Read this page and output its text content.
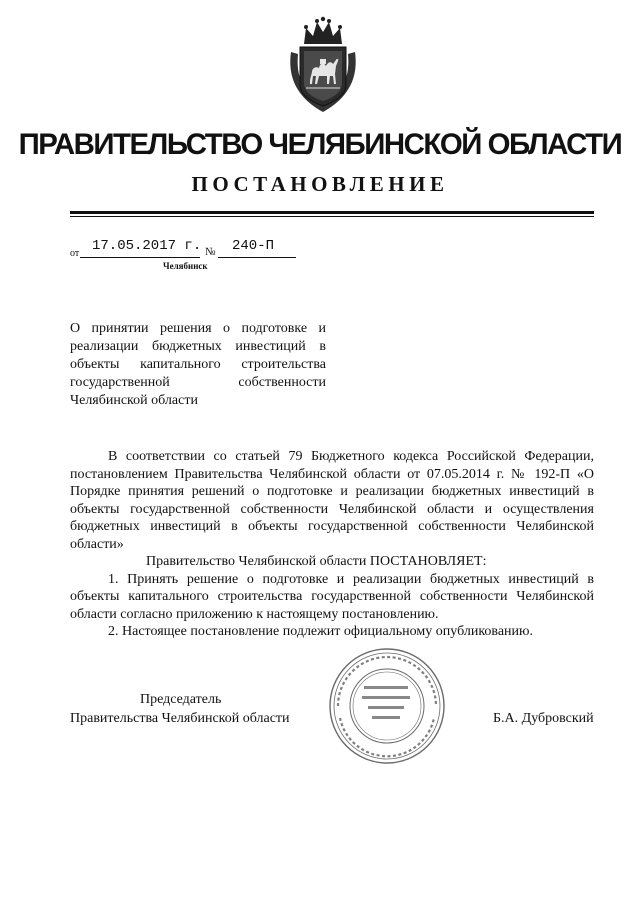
ПРАВИТЕЛЬСТВО ЧЕЛЯБИНСКОЙ ОБЛАСТИ
ПОСТАНОВЛЕНИЕ
от 17.05.2017 г. № 240-П
Челябинск
О принятии решения о подготовке и
реализации бюджетных инвестиций в
объекты капитального строительства
государственной собственности
Челябинской области
В соответствии со статьей 79 Бюджетного кодекса Российской Федерации, постановлением Правительства Челябинской области от 07.05.2014 г. № 192-П «О Порядке принятия решений о подготовке и реализации бюджетных инвестиций в объекты государственной собственности Челябинской области и осуществления бюджетных инвестиций в объекты государственной собственности Челябинской области»
Правительство Челябинской области ПОСТАНОВЛЯЕТ:
1. Принять решение о подготовке и реализации бюджетных инвестиций в объекты капитального строительства государственной собственности Челябинской области согласно приложению к настоящему постановлению.
2. Настоящее постановление подлежит официальному опубликованию.
Председатель
Правительства Челябинской области	Б.А. Дубровский
